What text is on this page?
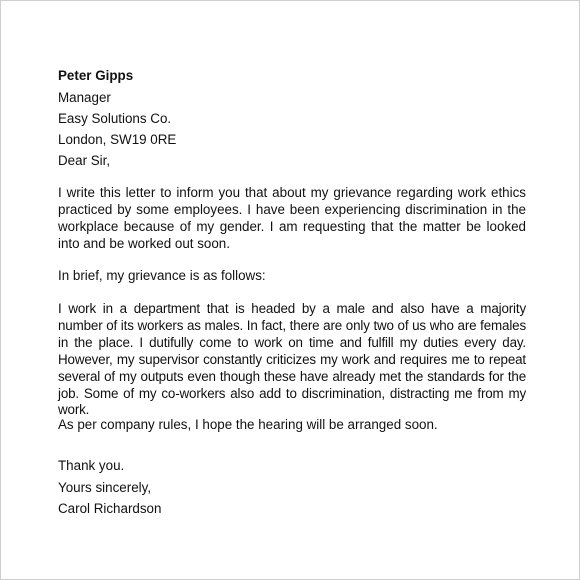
Peter Gipps
Manager
Easy Solutions Co.
London, SW19 0RE
Dear Sir,
I write this letter to inform you that about my grievance regarding work ethics practiced by some employees. I have been experiencing discrimination in the workplace because of my gender. I am requesting that the matter be looked into and be worked out soon.
In brief, my grievance is as follows:
I work in a department that is headed by a male and also have a majority number of its workers as males. In fact, there are only two of us who are females in the place. I dutifully come to work on time and fulfill my duties every day. However, my supervisor constantly criticizes my work and requires me to repeat several of my outputs even though these have already met the standards for the job. Some of my co-workers also add to discrimination, distracting me from my work.
As per company rules, I hope the hearing will be arranged soon.
Thank you.
Yours sincerely,
Carol Richardson
